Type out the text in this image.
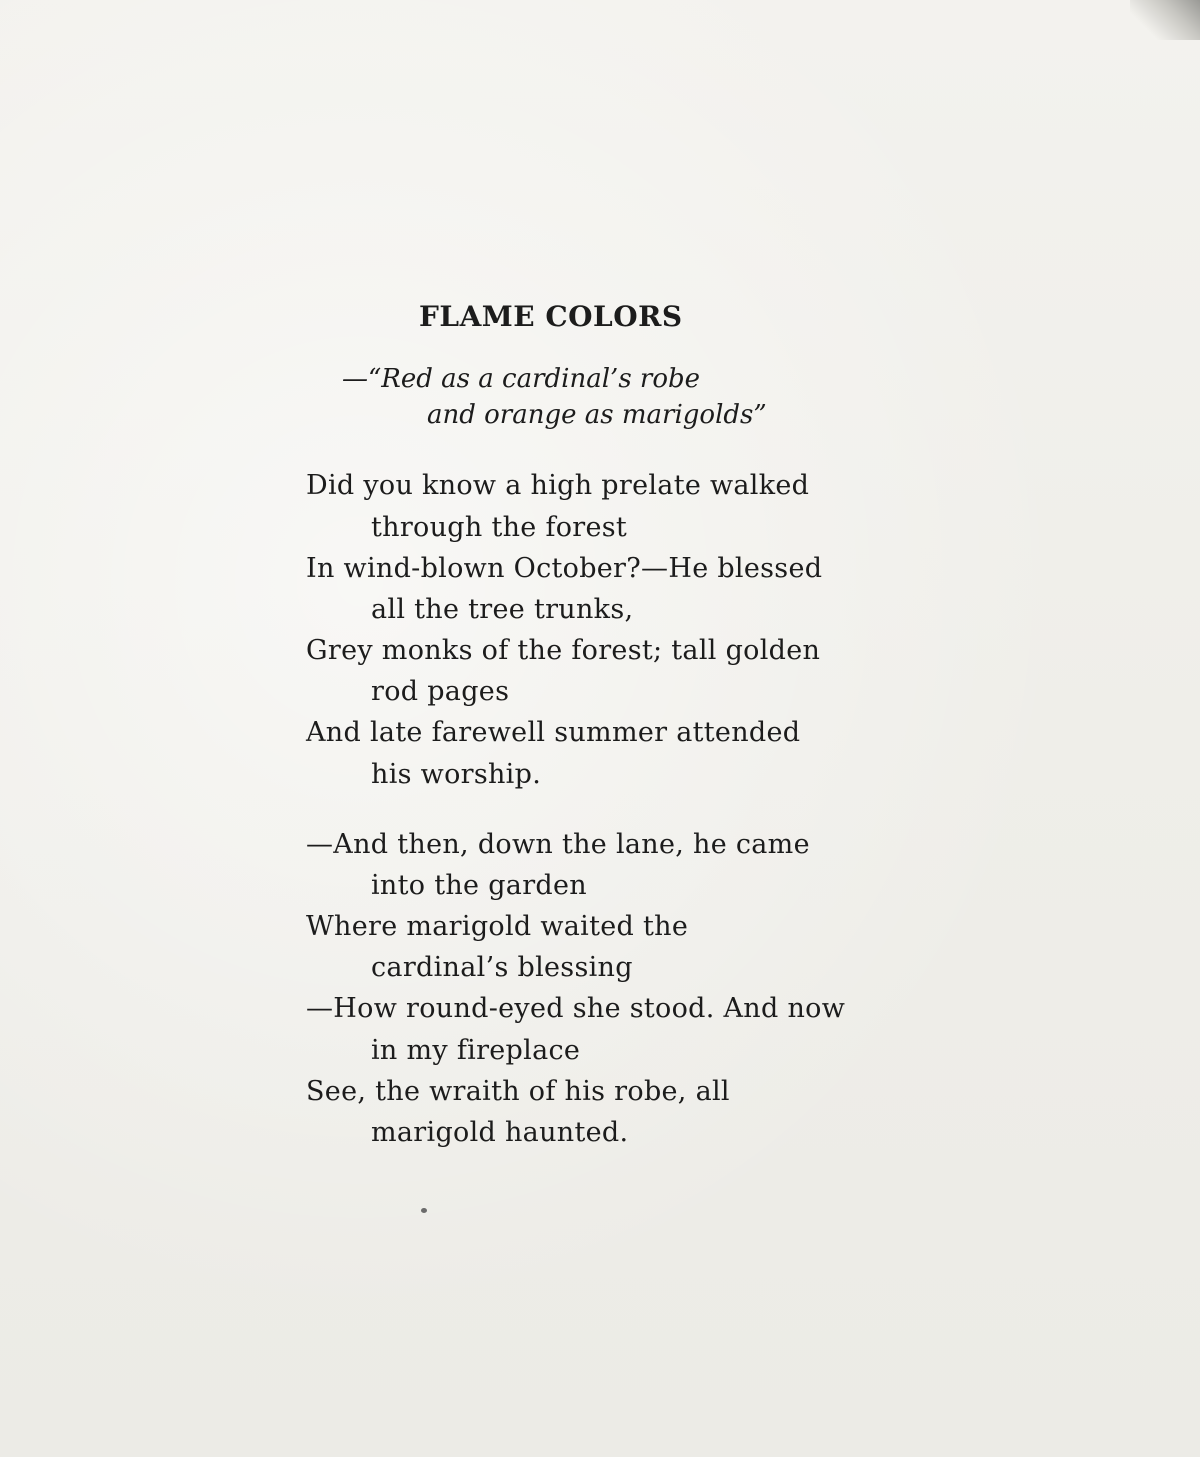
FLAME COLORS
—“Red as a cardinal’s robe
and orange as marigolds”
Did you know a high prelate walked
through the forest
In wind-blown October?—He blessed
all the tree trunks,
Grey monks of the forest; tall golden
rod pages
And late farewell summer attended
his worship.
—And then, down the lane, he came
into the garden
Where marigold waited the
cardinal’s blessing
—How round-eyed she stood. And now
in my fireplace
See, the wraith of his robe, all
marigold haunted.
